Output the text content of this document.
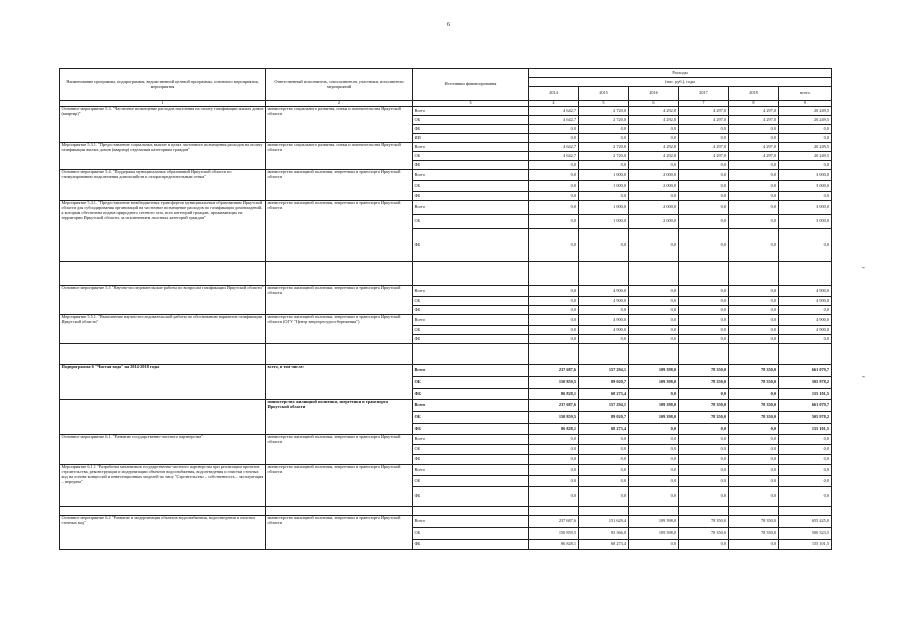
6
Наименование программы, подпрограммы, ведомственной целевой программы, основного мероприятия, мероприятия	Ответственный исполнитель, соисполнители, участники, исполнители мероприятий	Источники финансирования	Расходы					
			(тыс. руб.), годы					
			2014	2015	2016	2017	2018	всего
1	2	3	4	5	6	7	8	9
Основное мероприятие 5.3. "Частичное возмещение расходов населения на оплату газификации жилых домов (квартир)"	министерство социального развития, опеки и попечительства Иркутской области	Всего	4 642,7	2 720,0	4 292,8	4 297,0	4 297,0	20 249,5
		ОБ	4 642,7	2 720,0	4 292,8	4 297,0	4 297,0	20 249,5
		ФБ	0,0	0,0	0,0	0,0	0,0	0,0
		ИИ	0,0	0,0	0,0	0,0	0,0	0,0
Мероприятие 5.3.1. "Предоставление социальных выплат в целях частичного возмещения расходов на оплату газификации жилых домов (квартир) отдельным категориям граждан"	министерство социального развития, опеки и попечительства Иркутской области	Всего	4 642,7	2 720,0	4 292,8	4 297,0	4 297,0	20 249,5
		ОБ	4 642,7	2 720,0	4 292,8	4 297,0	4 297,0	20 249,5
		ФБ	0,0	0,0	0,0	0,0	0,0	0,0
Основное мероприятие 5.4. "Поддержка муниципальных образований Иркутской области по стимулированию подключения домохозяйств к газораспределительным сетям"	министерство жилищной политики, энергетики и транспорта Иркутской области	Всего	0,0	1 000,0	2 000,0	0,0	0,0	3 000,0
		ОБ	0,0	1 000,0	2 000,0	0,0	0,0	3 000,0
		ФБ	0,0	0,0	0,0	0,0	0,0	0,0
Мероприятие 5.4.1. "Предоставление межбюджетных трансфертов муниципальным образованиям Иркутской области для субсидирования организаций на частичное возмещение расходов по газификации домовладений, к которым обеспечена подача природного сетевого газа, всех категорий граждан, проживающих на территории Иркутской области, за исключением льготных категорий граждан"	министерство жилищной политики, энергетики и транспорта Иркутской области	Всего	0,0	1 000,0	2 000,0	0,0	0,0	3 000,0
		ОБ	0,0	1 000,0	2 000,0	0,0	0,0	3 000,0
		ФБ	0,0	0,0	0,0	0,0	0,0	0,0

Основное мероприятие 5.5 "Научно-исследовательские работы по вопросам газификации Иркутской области"	министерство жилищной политики, энергетики и транспорта Иркутской области	Всего	0,0	4 900,0	0,0	0,0	0,0	4 900,0
		ОБ	0,0	4 900,0	0,0	0,0	0,0	4 900,0
		ФБ	0,0	0,0	0,0	0,0	0,0	0,0
Мероприятие 5.5.1. "Выполнение научно-исследовательской работы по обоснованию вариантов газификации Иркутской области"	министерство жилищной политики, энергетики и транспорта Иркутской области (ОГУ "Центр энергоресурсосбережения")	Всего	0,0	4 900,0	0,0	0,0	0,0	4 900,0
		ОБ	0,0	4 900,0	0,0	0,0	0,0	4 900,0
		ФБ	0,0	0,0	0,0	0,0	0,0	0,0

Подпрограмма 6 "Чистая вода" на 2014-2018 годы	всего, в том числе:	Всего	237 687,6	157 294,1	109 398,0	78 350,0	78 350,0	661 079,7
		ОБ	150 859,5	89 020,7	109 398,0	78 350,0	78 350,0	505 978,2
		ФБ	86 828,1	68 273,4	0,0	0,0	0,0	155 101,5
	министерство жилищной политики, энергетики и транспорта Иркутской области	Всего	237 687,6	157 294,1	109 398,0	78 350,0	78 350,0	661 079,7
		ОБ	150 859,5	89 020,7	109 398,0	78 350,0	78 350,0	505 978,2
		ФБ	86 828,1	68 273,4	0,0	0,0	0,0	155 101,5
Основное мероприятие 6.1. "Развитие государственно-частного партнерства"	министерство жилищной политики, энергетики и транспорта Иркутской области	Всего	0,0	0,0	0,0	0,0	0,0	0,0
		ОБ	0,0	0,0	0,0	0,0	0,0	0,0
		ФБ	0,0	0,0	0,0	0,0	0,0	0,0
Мероприятие 6.1.1 "Разработка механизмов государственно-частного партнерства при реализации проектов строительства, реконструкции и модернизации объектов водоснабжения, водоотведения и очистки сточных вод на основе концессий и инвестиционных моделей по типу "Строительство – собственность – эксплуатация – передача"	министерство жилищной политики, энергетики и транспорта Иркутской области	Всего	0,0	0,0	0,0	0,0	0,0	0,0
		ОБ	0,0	0,0	0,0	0,0	0,0	0,0
		ФБ	0,0	0,0	0,0	0,0	0,0	0,0

Основное мероприятие 6.2 "Развитие и модернизация объектов водоснабжения, водоотведения и очистки сточных вод"	министерство жилищной политики, энергетики и транспорта Иркутской области	Всего	237 687,6	151 629,4	109 398,0	78 350,0	78 350,0	655 425,0
		ОБ	150 859,5	83 366,0	109 398,0	78 350,0	78 350,0	500 323,5
		ФБ	86 828,1	68 273,4	0,0	0,0	0,0	155 101,5
-
-
